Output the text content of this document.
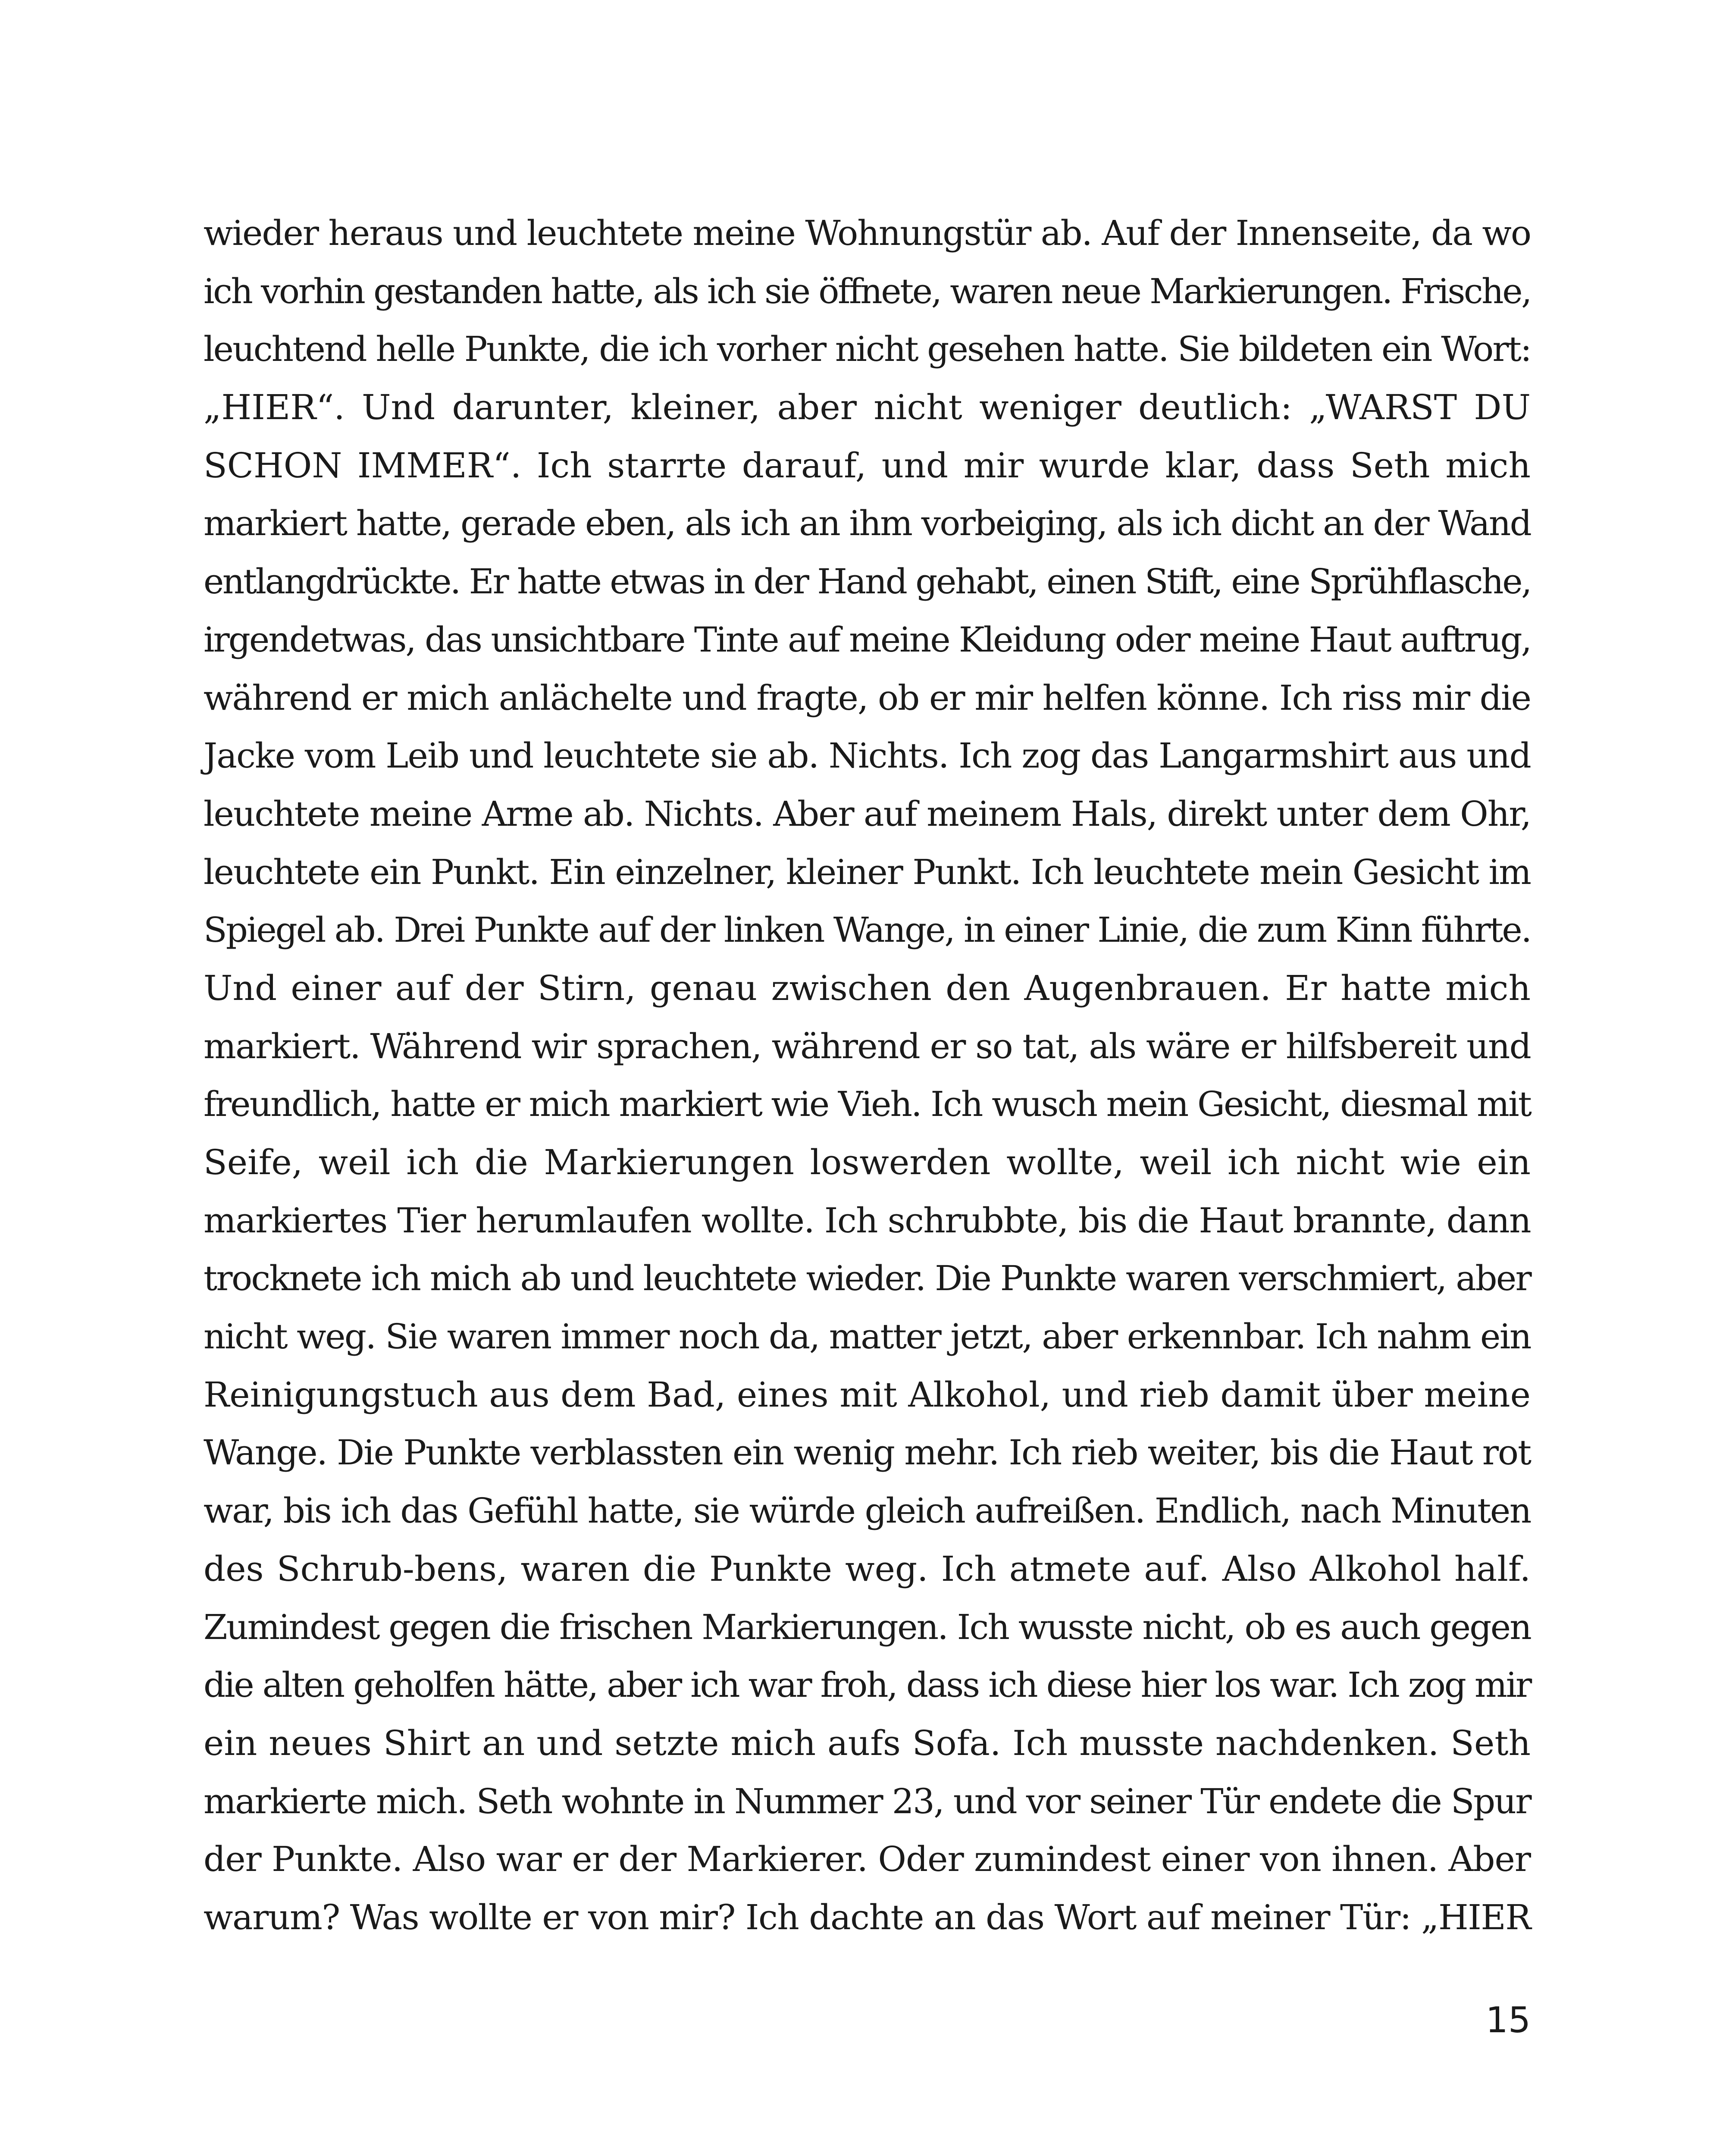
wieder heraus und leuchtete meine Wohnungstür ab. Auf der Innenseite, da wo
ich vorhin gestanden hatte, als ich sie öffnete, waren neue Markierungen. Frische,
leuchtend helle Punkte, die ich vorher nicht gesehen hatte. Sie bildeten ein Wort:
„HIER“. Und darunter, kleiner, aber nicht weniger deutlich: „WARST DU
SCHON IMMER“. Ich starrte darauf, und mir wurde klar, dass Seth mich
markiert hatte, gerade eben, als ich an ihm vorbeiging, als ich dicht an der Wand
entlangdrückte. Er hatte etwas in der Hand gehabt, einen Stift, eine Sprühflasche,
irgendetwas, das unsichtbare Tinte auf meine Kleidung oder meine Haut auftrug,
während er mich anlächelte und fragte, ob er mir helfen könne. Ich riss mir die
Jacke vom Leib und leuchtete sie ab. Nichts. Ich zog das Langarmshirt aus und
leuchtete meine Arme ab. Nichts. Aber auf meinem Hals, direkt unter dem Ohr,
leuchtete ein Punkt. Ein einzelner, kleiner Punkt. Ich leuchtete mein Gesicht im
Spiegel ab. Drei Punkte auf der linken Wange, in einer Linie, die zum Kinn führte.
Und einer auf der Stirn, genau zwischen den Augenbrauen. Er hatte mich
markiert. Während wir sprachen, während er so tat, als wäre er hilfsbereit und
freundlich, hatte er mich markiert wie Vieh. Ich wusch mein Gesicht, diesmal mit
Seife, weil ich die Markierungen loswerden wollte, weil ich nicht wie ein
markiertes Tier herumlaufen wollte. Ich schrubbte, bis die Haut brannte, dann
trocknete ich mich ab und leuchtete wieder. Die Punkte waren verschmiert, aber
nicht weg. Sie waren immer noch da, matter jetzt, aber erkennbar. Ich nahm ein
Reinigungstuch aus dem Bad, eines mit Alkohol, und rieb damit über meine
Wange. Die Punkte verblassten ein wenig mehr. Ich rieb weiter, bis die Haut rot
war, bis ich das Gefühl hatte, sie würde gleich aufreißen. Endlich, nach Minuten
des Schrub-bens, waren die Punkte weg. Ich atmete auf. Also Alkohol half.
Zumindest gegen die frischen Markierungen. Ich wusste nicht, ob es auch gegen
die alten geholfen hätte, aber ich war froh, dass ich diese hier los war. Ich zog mir
ein neues Shirt an und setzte mich aufs Sofa. Ich musste nachdenken. Seth
markierte mich. Seth wohnte in Nummer 23, und vor seiner Tür endete die Spur
der Punkte. Also war er der Markierer. Oder zumindest einer von ihnen. Aber
warum? Was wollte er von mir? Ich dachte an das Wort auf meiner Tür: „HIER
15
